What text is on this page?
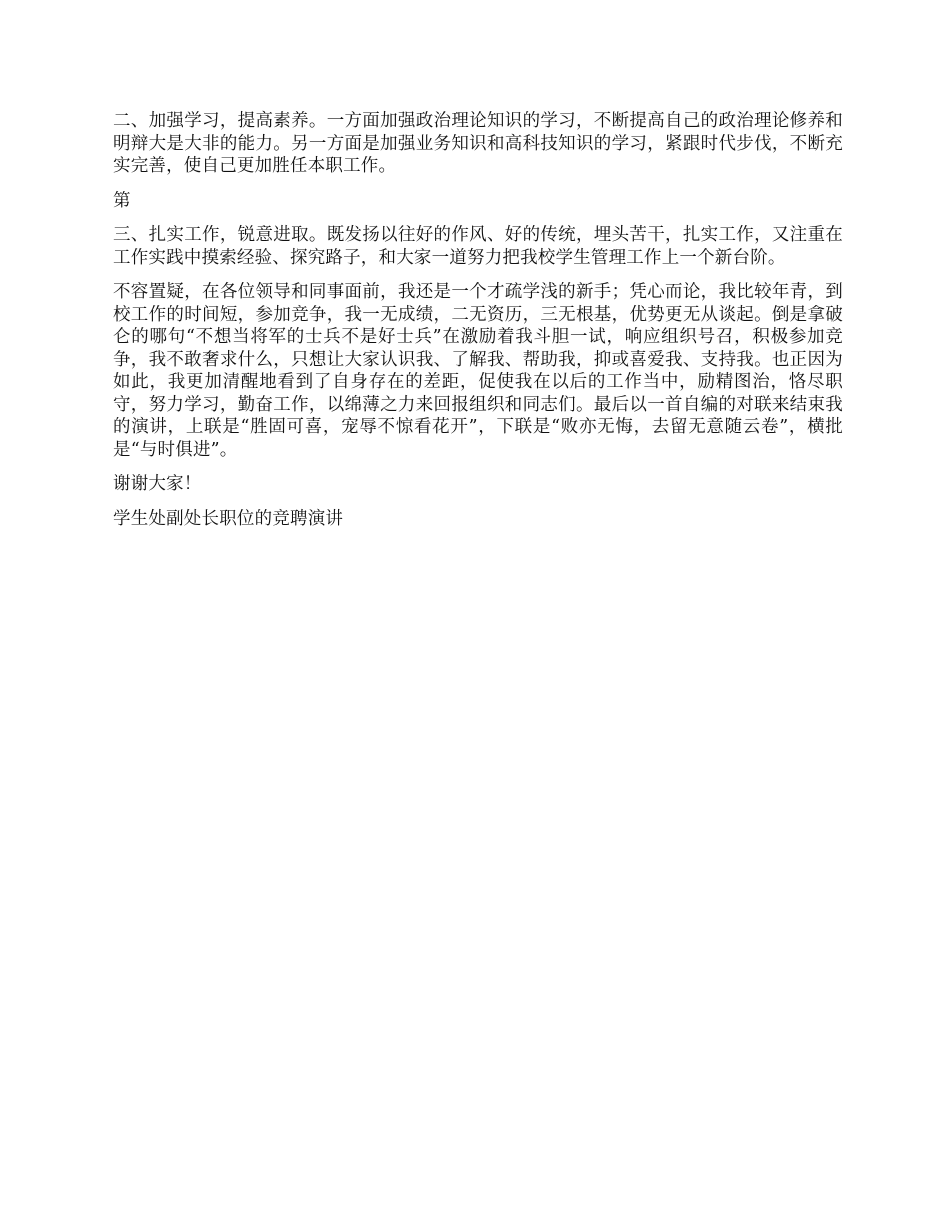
二、加强学习，提高素养。一方面加强政治理论知识的学习，不断提高自己的政治理论修养和明辩大是大非的能力。另一方面是加强业务知识和高科技知识的学习，紧跟时代步伐，不断充实完善，使自己更加胜任本职工作。

第

三、扎实工作，锐意进取。既发扬以往好的作风、好的传统，埋头苦干，扎实工作，又注重在工作实践中摸索经验、探究路子，和大家一道努力把我校学生管理工作上一个新台阶。

不容置疑，在各位领导和同事面前，我还是一个才疏学浅的新手；凭心而论，我比较年青，到校工作的时间短，参加竞争，我一无成绩，二无资历，三无根基，优势更无从谈起。倒是拿破仑的哪句“不想当将军的士兵不是好士兵”在激励着我斗胆一试，响应组织号召，积极参加竞争，我不敢奢求什么，只想让大家认识我、了解我、帮助我，抑或喜爱我、支持我。也正因为如此，我更加清醒地看到了自身存在的差距，促使我在以后的工作当中，励精图治，恪尽职守，努力学习，勤奋工作，以绵薄之力来回报组织和同志们。最后以一首自编的对联来结束我的演讲，上联是“胜固可喜，宠辱不惊看花开”，下联是“败亦无悔，去留无意随云卷”，横批是“与时俱进”。

谢谢大家！

学生处副处长职位的竞聘演讲
